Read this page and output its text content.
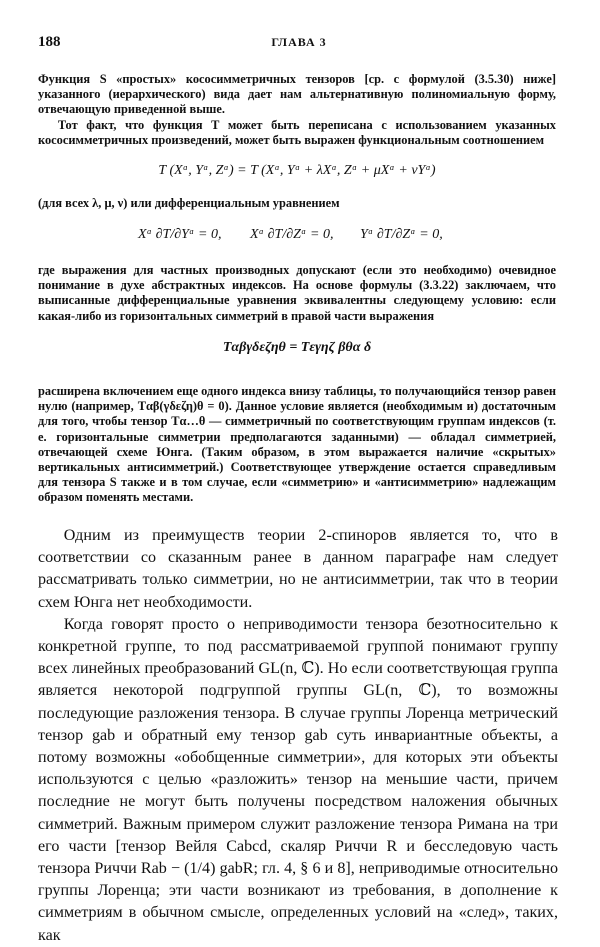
188	ГЛАВА 3

Функция S «простых» кососимметричных тензоров [ср. с формулой (3.5.30) ниже] указанного (иерархического) вида дает нам альтернативную полиномиальную форму, отвечающую приведенной выше.

Тот факт, что функция T может быть переписана с использованием указанных кососимметричных произведений, может быть выражен функциональным соотношением

T (Xᵅ, Yᵅ, Zᵅ) = T (Xᵅ, Yᵅ + λXᵅ, Zᵅ + μXᵅ + νYᵅ)

(для всех λ, μ, ν) или дифференциальным уравнением

Xᵅ ∂T/∂Yᵅ = 0, Xᵅ ∂T/∂Zᵅ = 0, Yᵅ ∂T/∂Zᵅ = 0,

где выражения для частных производных допускают (если это необходимо) очевидное понимание в духе абстрактных индексов. На основе формулы (3.3.22) заключаем, что выписанные дифференциальные уравнения эквивалентны следующему условию: если какая-либо из горизонтальных симметрий в правой части выражения

Tαβγδεζηθ = Tεγηζ βθα δ

расширена включением еще одного индекса внизу таблицы, то получающийся тензор равен нулю (например, Tαβ(γδεζη)θ = 0). Данное условие является (необходимым и) достаточным для того, чтобы тензор Tα…θ — симметричный по соответствующим группам индексов (т. е. горизонтальные симметрии предполагаются заданными) — обладал симметрией, отвечающей схеме Юнга. (Таким образом, в этом выражается наличие «скрытых» вертикальных антисимметрий.) Соответствующее утверждение остается справедливым для тензора S также и в том случае, если «симметрию» и «антисимметрию» надлежащим образом поменять местами.

Одним из преимуществ теории 2-спиноров является то, что в соответствии со сказанным ранее в данном параграфе нам следует рассматривать только симметрии, но не антисимметрии, так что в теории схем Юнга нет необходимости.

Когда говорят просто о неприводимости тензора безотносительно к конкретной группе, то под рассматриваемой группой понимают группу всех линейных преобразований GL(n, ℂ). Но если соответствующая группа является некоторой подгруппой группы GL(n, ℂ), то возможны последующие разложения тензора. В случае группы Лоренца метрический тензор gab и обратный ему тензор gab суть инвариантные объекты, а потому возможны «обобщенные симметрии», для которых эти объекты используются с целью «разложить» тензор на меньшие части, причем последние не могут быть получены посредством наложения обычных симметрий. Важным примером служит разложение тензора Римана на три его части [тензор Вейля Cabcd, скаляр Риччи R и бесследовую часть тензора Риччи Rab − (1/4) gabR; гл. 4, § 6 и 8], неприводимые относительно группы Лоренца; эти части возникают из требования, в дополнение к симметриям в обычном смысле, определенных условий на «след», таких, как
